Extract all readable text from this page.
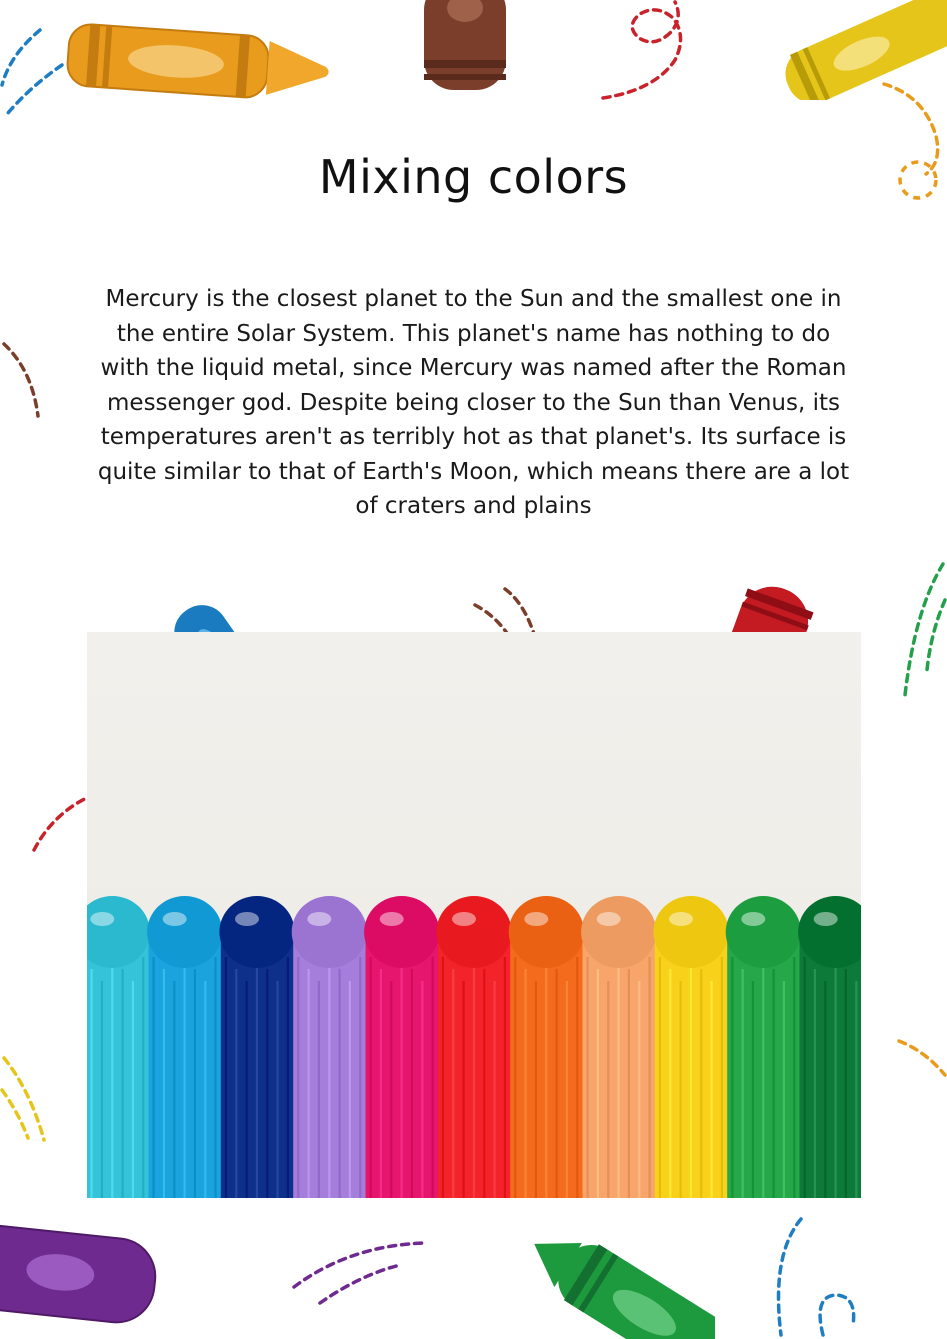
Mixing colors
Mercury is the closest planet to the Sun and the smallest one in the entire Solar System. This planet's name has nothing to do with the liquid metal, since Mercury was named after the Roman messenger god. Despite being closer to the Sun than Venus, its temperatures aren't as terribly hot as that planet's. Its surface is quite similar to that of Earth's Moon, which means there are a lot of craters and plains
